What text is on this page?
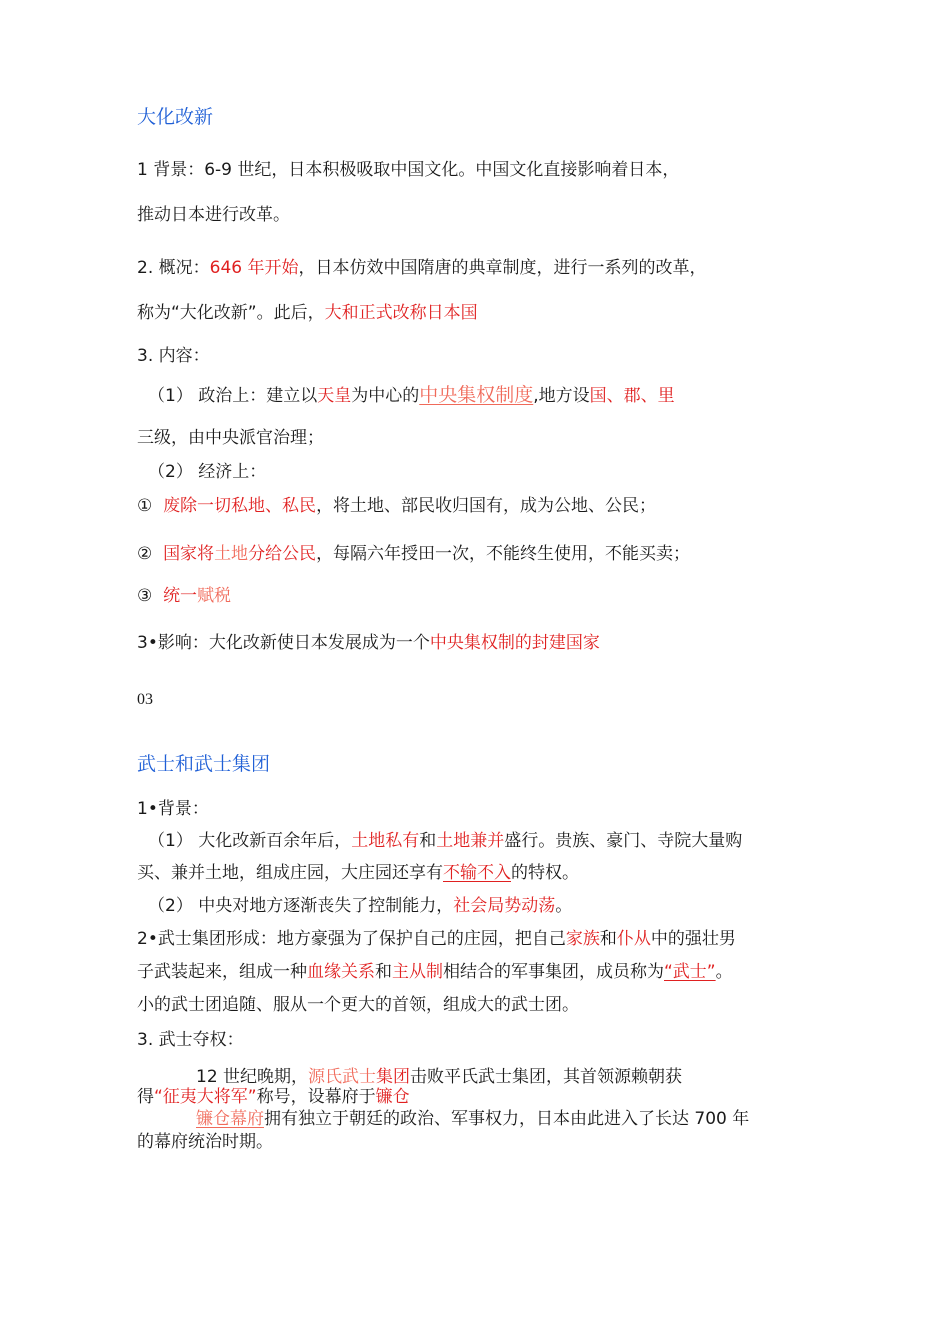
大化改新
1 背景：6-9 世纪，日本积极吸取中国文化。中国文化直接影响着日本，
推动日本进行改革。
2. 概况：646 年开始，日本仿效中国隋唐的典章制度，进行一系列的改革，
称为“大化改新”。此后，大和正式改称日本国
3. 内容：
（1） 政治上：建立以天皇为中心的中央集权制度,地方设国、郡、里
三级，由中央派官治理；
（2） 经济上：
① 废除一切私地、私民，将土地、部民收归国有，成为公地、公民；
② 国家将土地分给公民，每隔六年授田一次，不能终生使用，不能买卖；
③ 统一赋税
3•影响：大化改新使日本发展成为一个中央集权制的封建国家
03
武士和武士集团
1•背景：
（1） 大化改新百余年后，土地私有和土地兼并盛行。贵族、豪门、寺院大量购
买、兼并土地，组成庄园，大庄园还享有不输不入的特权。
（2） 中央对地方逐渐丧失了控制能力，社会局势动荡。
2•武士集团形成：地方豪强为了保护自己的庄园，把自己家族和仆从中的强壮男
子武装起来，组成一种血缘关系和主从制相结合的军事集团，成员称为“武士”。
小的武士团追随、服从一个更大的首领，组成大的武士团。
3. 武士夺权：
12 世纪晚期，源氏武士集团击败平氏武士集团，其首领源赖朝获
得“征夷大将军”称号，设幕府于镰仓
镰仓幕府拥有独立于朝廷的政治、军事权力，日本由此进入了长达 700 年
的幕府统治时期。
